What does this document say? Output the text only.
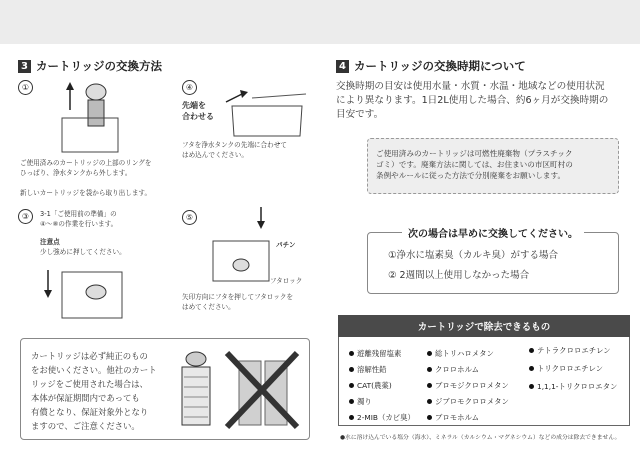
3 カートリッジの交換方法
①
ご使用済みのカートリッジの上部のリングを
ひっぱり、浄水タンクから外します。
新しいカートリッジを袋から取り出します。
③	3-1「ご使用前の準備」の
④〜⑧の作業を行います。
注意点
少し強めに押してください。
④
先端を
合わせる
フタを浄水タンクの先端に合わせて
はめ込んでください。
⑤
パチン
フタロック
矢印方向にフタを押してフタロックを
はめてください。
カートリッジは必ず純正のもの
をお使いください。他社のカート
リッジをご使用された場合は、
本体が保証期間内であっても
有償となり、保証対象外となり
ますので、ご注意ください。
4 カートリッジの交換時期について
交換時期の目安は使用水量・水質・水温・地域などの使用状況
により異なります。1日2L使用した場合、約6ヶ月が交換時期の
目安です。
ご使用済みのカートリッジは可燃性廃棄物（プラスチック
ゴミ）です。廃棄方法に関しては、お住まいの市区町村の
条例やルールに従った方法で分別廃棄をお願いします。
次の場合は早めに交換してください。
①浄水に塩素臭（カルキ臭）がする場合
② 2週間以上使用しなかった場合
カートリッジで除去できるもの
遊離残留塩素
溶解性鉛
CAT(農薬)
濁り
2-MIB（カビ臭）
総トリハロメタン
クロロホルム
ブロモジクロロメタン
ジブロモクロロメタン
ブロモホルム
テトラクロロエチレン
トリクロロエチレン
1,1,1-トリクロロエタン
●水に溶け込んでいる塩分（海水）、ミネラル（カルシウム・マグネシウム）などの成分は除去できません。
